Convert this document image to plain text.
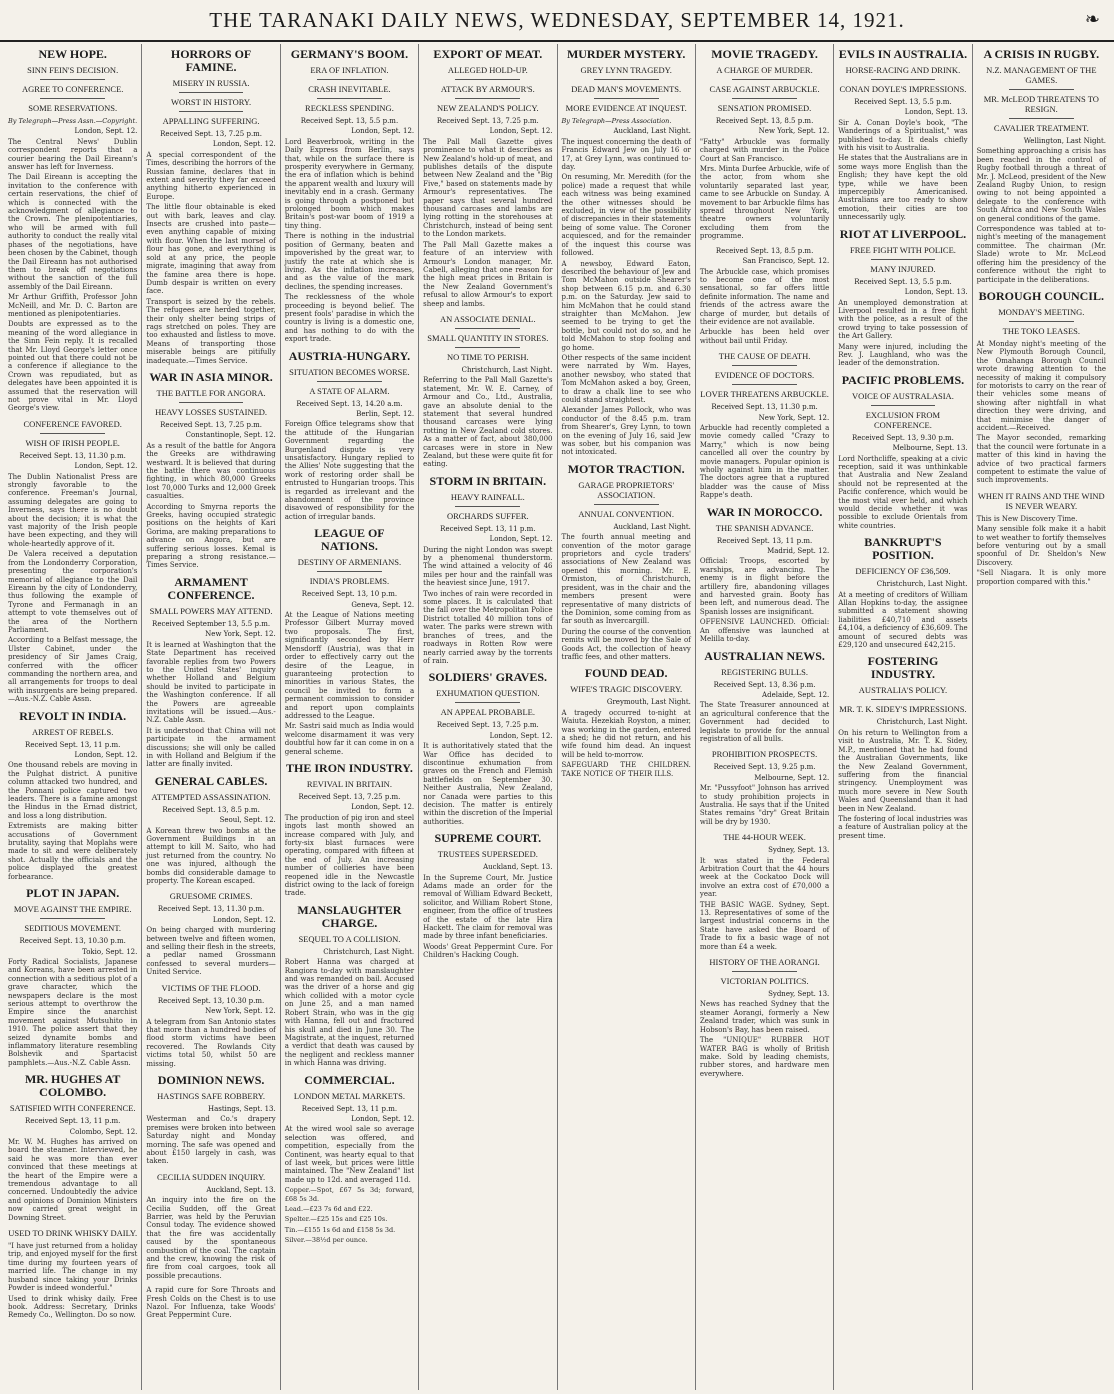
THE TARANAKI DAILY NEWS, WEDNESDAY, SEPTEMBER 14, 1921.	❧
NEW HOPE.
SINN FEIN'S DECISION.
AGREE TO CONFERENCE.
SOME RESERVATIONS.
By Telegraph—Press Assn.—Copyright.
London, Sept. 12.

The Central News' Dublin correspondent reports that a courier bearing the Dail Eireann's answer has left for Inverness.

The Dail Eireann is accepting the invitation to the conference with certain reservations, the chief of which is connected with the acknowledgment of allegiance to the Crown. The plenipotentiaries, who will be armed with full authority to conduct the really vital phases of the negotiations, have been chosen by the Cabinet, though the Dail Eireann has not authorised them to break off negotiations without the sanction of the full assembly of the Dail Eireann.

Mr Arthur Griffith, Professor John McNeill, and Mr. D. C. Barton are mentioned as plenipotentiaries.

Doubts are expressed as to the meaning of the word allegiance in the Sinn Fein reply. It is recalled that Mr. Lloyd George's letter once pointed out that there could not be a conference if allegiance to the Crown was repudiated, but as delegates have been appointed it is assumed that the reservation will not prove vital in Mr. Lloyd George's view.

CONFERENCE FAVORED.
WISH OF IRISH PEOPLE.
Received Sept. 13, 11.30 p.m.
London, Sept. 12.

The Dublin Nationalist Press are strongly favorable to the conference. Freeman's Journal, assuming delegates are going to Inverness, says there is no doubt about the decision; it is what the vast majority of the Irish people have been expecting, and they will whole-heartedly approve of it.

De Valera received a deputation from the Londonderry Corporation, presenting the corporation's memorial of allegiance to the Dail Eireann by the city of Londonderry, thus following the example of Tyrone and Fermanagh in an attempt to vote themselves out of the area of the Northern Parliament.

According to a Belfast message, the Ulster Cabinet, under the presidency of Sir James Craig, conferred with the officer commanding the northern area, and all arrangements for troops to deal with insurgents are being prepared.—Aus.-N.Z. Cable Assn.

REVOLT IN INDIA.
ARREST OF REBELS.
Received Sept. 13, 11 p.m.
London, Sept. 12.

One thousand rebels are moving in the Pulghat district. A punitive column attacked two hundred, and the Ponnani police captured two leaders. There is a famine amongst the Hindus in the Ernad district, and loss a long distribution.

Extremists are making bitter accusations of Government brutality, saying that Moplahs were made to sit and were deliberately shot. Actually the officials and the police displayed the greatest forbearance.

PLOT IN JAPAN.
MOVE AGAINST THE EMPIRE.
SEDITIOUS MOVEMENT.
Received Sept. 13, 10.30 p.m.
Tokio, Sept. 12.

Forty Radical Socialists, Japanese and Koreans, have been arrested in connection with a seditious plot of a grave character, which the newspapers declare is the most serious attempt to overthrow the Empire since the anarchist movement against Mutsuhito in 1910. The police assert that they seized dynamite bombs and inflammatory literature resembling Bolshevik and Spartacist pamphlets.—Aus.-N.Z. Cable Assn.

MR. HUGHES AT COLOMBO.
SATISFIED WITH CONFERENCE.
Received Sept. 13, 11 p.m.
Colombo, Sept. 12.

Mr. W. M. Hughes has arrived on board the steamer. Interviewed, he said he was more than ever convinced that these meetings at the heart of the Empire were a tremendous advantage to all concerned. Undoubtedly the advice and opinions of Dominion Ministers now carried great weight in Downing Street.

USED TO DRINK WHISKY DAILY.

"I have just returned from a holiday trip, and enjoyed myself for the first time during my fourteen years of married life. The change in my husband since taking your Drinks Powder is indeed wonderful."

Used to drink whisky daily. Free book. Address: Secretary, Drinks Remedy Co., Wellington. Do so now.

HORRORS OF FAMINE.
MISERY IN RUSSIA.
WORST IN HISTORY.
APPALLING SUFFERING.
Received Sept. 13, 7.25 p.m.
London, Sept. 12.

A special correspondent of the Times, describing the horrors of the Russian famine, declares that in extent and severity they far exceed anything hitherto experienced in Europe.

The little flour obtainable is eked out with bark, leaves and clay. Insects are crushed into paste—even anything capable of mixing with flour. When the last morsel of flour has gone, and everything is sold at any price, the people migrate, imagining that away from the famine area there is hope. Dumb despair is written on every face.

Transport is seized by the rebels. The refugees are herded together, their only shelter being strips of rags stretched on poles. They are too exhausted and listless to move. Means of transporting those miserable beings are pitifully inadequate.—Times Service.

WAR IN ASIA MINOR.
THE BATTLE FOR ANGORA.
HEAVY LOSSES SUSTAINED.
Received Sept. 13, 7.25 p.m.
Constantinople, Sept. 12.

As a result of the battle for Angora the Greeks are withdrawing westward. It is believed that during the battle there was continuous fighting, in which 80,000 Greeks lost 70,000 Turks and 12,000 Greek casualties.

According to Smyrna reports the Greeks, having occupied strategic positions on the heights of Kari Gorima, are making preparations to advance on Angora, but are suffering serious losses. Kemal is preparing a strong resistance.—Times Service.

ARMAMENT CONFERENCE.
SMALL POWERS MAY ATTEND.
Received September 13, 5.5 p.m.
New York, Sept. 12.

It is learned at Washington that the State Department has received favorable replies from two Powers to the United States' inquiry whether Holland and Belgium should be invited to participate in the Washington conference. If all the Powers are agreeable invitations will be issued.—Aus.-N.Z. Cable Assn.

It is understood that China will not participate in the armament discussions; she will only be called in with Holland and Belgium if the latter are finally invited.

GENERAL CABLES.
ATTEMPTED ASSASSINATION.
Received Sept. 13, 8.5 p.m.
Seoul, Sept. 12.

A Korean threw two bombs at the Government Buildings in an attempt to kill M. Saito, who had just returned from the country. No one was injured, although the bombs did considerable damage to property. The Korean escaped.

GRUESOME CRIMES.
Received Sept. 13, 11.30 p.m.
London, Sept. 12.

On being charged with murdering between twelve and fifteen women, and selling their flesh in the streets, a pedlar named Grossmann confessed to several murders—United Service.

VICTIMS OF THE FLOOD.
Received Sept. 13, 10.30 p.m.
New York, Sept. 12.

A telegram from San Antonio states that more than a hundred bodies of flood storm victims have been recovered. The Rowlands City victims total 50, whilst 50 are missing.

DOMINION NEWS.
HASTINGS SAFE ROBBERY.
Hastings, Sept. 13.

Westerman and Co.'s drapery premises were broken into between Saturday night and Monday morning. The safe was opened and about £150 largely in cash, was taken.

CECILIA SUDDEN INQUIRY.
Auckland, Sept. 13.

An inquiry into the fire on the Cecilia Sudden, off the Great Barrier, was held by the Peruvian Consul today. The evidence showed that the fire was accidentally caused by the spontaneous combustion of the coal. The captain and the crew, knowing the risk of fire from coal cargoes, took all possible precautions.

A rapid cure for Sore Throats and Fresh Colds on the Chest is to use Nazol. For Influenza, take Woods' Great Peppermint Cure.

GERMANY'S BOOM.
ERA OF INFLATION.
CRASH INEVITABLE.
RECKLESS SPENDING.
Received Sept. 13, 5.5 p.m.
London, Sept. 12.

Lord Beaverbrook, writing in the Daily Express from Berlin, says that, while on the surface there is prosperity everywhere in Germany, the era of inflation which is behind the apparent wealth and luxury will inevitably end in a crash. Germany is going through a postponed but prolonged boom which makes Britain's post-war boom of 1919 a tiny thing.

There is nothing in the industrial position of Germany, beaten and impoverished by the great war, to justify the rate at which she is living. As the inflation increases, and as the value of the mark declines, the spending increases.

The recklessness of the whole proceeding is beyond belief. The present fools' paradise in which the country is living is a domestic one, and has nothing to do with the export trade.

AUSTRIA-HUNGARY.
SITUATION BECOMES WORSE.
A STATE OF ALARM.
Received Sept. 13, 14.20 a.m.
Berlin, Sept. 12.

Foreign Office telegrams show that the attitude of the Hungarian Government regarding the Burgenland dispute is very unsatisfactory. Hungary replied to the Allies' Note suggesting that the work of restoring order shall be entrusted to Hungarian troops. This is regarded as irrelevant and the abandonment of the province disavowed of responsibility for the action of irregular bands.

LEAGUE OF NATIONS.
DESTINY OF ARMENIANS.
INDIA'S PROBLEMS.
Received Sept. 13, 10 p.m.
Geneva, Sept. 12.

At the League of Nations meeting Professor Gilbert Murray moved two proposals. The first, significantly seconded by Herr Mensdorff (Austria), was that in order to effectively carry out the desire of the League, in guaranteeing protection to minorities in various States, the council be invited to form a permanent commission to consider and report upon complaints addressed to the League.

Mr. Sastri said much as India would welcome disarmament it was very doubtful how far it can come in on a general scheme.

THE IRON INDUSTRY.
REVIVAL IN BRITAIN.
Received Sept. 13, 7.25 p.m.
London, Sept. 12.

The production of pig iron and steel ingots last month showed an increase compared with July, and forty-six blast furnaces were operating, compared with fifteen at the end of July. An increasing number of collieries have been reopened idle in the Newcastle district owing to the lack of foreign trade.

MANSLAUGHTER CHARGE.
SEQUEL TO A COLLISION.
Christchurch, Last Night.

Robert Hanna was charged at Rangiora to-day with manslaughter and was remanded on bail. Accused was the driver of a horse and gig which collided with a motor cycle on June 25, and a man named Robert Strain, who was in the gig with Hanna, fell out and fractured his skull and died in June 30. The Magistrate, at the inquest, returned a verdict that death was caused by the negligent and reckless manner in which Hanna was driving.

COMMERCIAL.
LONDON METAL MARKETS.
Received Sept. 13, 11 p.m.
London, Sept. 12.

At the wired wool sale so average selection was offered, and competition, especially from the Continent, was hearty equal to that of last week, but prices were little maintained. The "New Zealand" list made up to 12d. and averaged 11d.

Copper.—Spot, £67 5s 3d; forward, £68 5s 3d.
Lead.—£23 7s 6d and £22.
Spelter.—£25 15s and £25 10s.
Tin.—£155 1s 6d and £158 5s 3d.
Silver.—38½d per ounce.
EXPORT OF MEAT.
ALLEGED HOLD-UP.
ATTACK BY ARMOUR'S.
NEW ZEALAND'S POLICY.
Received Sept. 13, 7.25 p.m.
London, Sept. 12.

The Pall Mall Gazette gives prominence to what it describes as New Zealand's hold-up of meat, and publishes details of the dispute between New Zealand and the "Big Five," based on statements made by Armour's representatives. The paper says that several hundred thousand carcases and lambs are lying rotting in the storehouses at Christchurch, instead of being sent to the London markets.

The Pall Mall Gazette makes a feature of an interview with Armour's London manager, Mr. Cabell, alleging that one reason for the high meat prices in Britain is the New Zealand Government's refusal to allow Armour's to export sheep and lambs.

AN ASSOCIATE DENIAL.
SMALL QUANTITY IN STORES.
NO TIME TO PERISH.
Christchurch, Last Night.

Referring to the Pall Mall Gazette's statement, Mr. W. E. Carney, of Armour and Co., Ltd., Australia, gave an absolute denial to the statement that several hundred thousand carcases were lying rotting in New Zealand cold stores. As a matter of fact, about 380,000 carcases were in store in New Zealand, but these were quite fit for eating.

STORM IN BRITAIN.
HEAVY RAINFALL.
ORCHARDS SUFFER.
Received Sept. 13, 11 p.m.
London, Sept. 12.

During the night London was swept by a phenomenal thunderstorm. The wind attained a velocity of 46 miles per hour and the rainfall was the heaviest since June, 1917.

Two inches of rain were recorded in some places. It is calculated that the fall over the Metropolitan Police District totalled 40 million tons of water. The parks were strewn with branches of trees, and the roadways in Rotten Row were nearly carried away by the torrents of rain.

SOLDIERS' GRAVES.
EXHUMATION QUESTION.
AN APPEAL PROBABLE.
Received Sept. 13, 7.25 p.m.
London, Sept. 12.

It is authoritatively stated that the War Office has decided to discontinue exhumation from graves on the French and Flemish battlefields on September 30. Neither Australia, New Zealand, nor Canada were parties to this decision. The matter is entirely within the discretion of the Imperial authorities.

SUPREME COURT.
TRUSTEES SUPERSEDED.
Auckland, Sept. 13.

In the Supreme Court, Mr. Justice Adams made an order for the removal of William Edward Beckett, solicitor, and William Robert Stone, engineer, from the office of trustees of the estate of the late Hira Hackett. The claim for removal was made by three infant beneficiaries.

Woods' Great Peppermint Cure. For Children's Hacking Cough.

MURDER MYSTERY.
GREY LYNN TRAGEDY.
DEAD MAN'S MOVEMENTS.
MORE EVIDENCE AT INQUEST.
By Telegraph—Press Association.
Auckland, Last Night.

The inquest concerning the death of Francis Edward Jew on July 16 or 17, at Grey Lynn, was continued to-day.

On resuming, Mr. Meredith (for the police) made a request that while each witness was being examined the other witnesses should be excluded, in view of the possibility of discrepancies in their statements being of some value. The Coroner acquiesced, and for the remainder of the inquest this course was followed.

A newsboy, Edward Eaton, described the behaviour of Jew and Tom McMahon outside Shearer's shop between 6.15 p.m. and 6.30 p.m. on the Saturday. Jew said to him McMahon that he could stand straighter than McMahon. Jew seemed to be trying to get the bottle, but could not do so, and he told McMahon to stop fooling and go home.

Other respects of the same incident were narrated by Wm. Hayes, another newsboy, who stated that Tom McMahon asked a boy, Green, to draw a chalk line to see who could stand straightest.

Alexander James Pollock, who was conductor of the 8.45 p.m. tram from Shearer's, Grey Lynn, to town on the evening of July 16, said Jew was sober, but his companion was not intoxicated.

MOTOR TRACTION.
GARAGE PROPRIETORS' ASSOCIATION.
ANNUAL CONVENTION.
Auckland, Last Night.

The fourth annual meeting and convention of the motor garage proprietors and cycle traders' associations of New Zealand was opened this morning. Mr. E. Ormiston, of Christchurch, president, was in the chair and the members present were representative of many districts of the Dominion, some coming from as far south as Invercargill.

During the course of the convention remits will be moved by the Sale of Goods Act, the collection of heavy traffic fees, and other matters.

FOUND DEAD.
WIFE'S TRAGIC DISCOVERY.
Greymouth, Last Night.

A tragedy occurred to-night at Waiuta. Hezekiah Royston, a miner, was working in the garden, entered a shed; he did not return, and his wife found him dead. An inquest will be held to-morrow.

SAFEGUARD THE CHILDREN. TAKE NOTICE OF THEIR ILLS.

MOVIE TRAGEDY.
A CHARGE OF MURDER.
CASE AGAINST ARBUCKLE.
SENSATION PROMISED.
Received Sept. 13, 8.5 p.m.
New York, Sept. 12.

"Fatty" Arbuckle was formally charged with murder in the Police Court at San Francisco.

Mrs. Minta Durfee Arbuckle, wife of the actor, from whom she voluntarily separated last year, came to see Arbuckle on Sunday. A movement to bar Arbuckle films has spread throughout New York, theatre owners voluntarily excluding them from the programme.

Received Sept. 13, 8.5 p.m.
San Francisco, Sept. 12.

The Arbuckle case, which promises to become one of the most sensational, so far offers little definite information. The name and friends of the actress aware the charge of murder, but details of their evidence are not available.

Arbuckle has been held over without bail until Friday.

THE CAUSE OF DEATH.
EVIDENCE OF DOCTORS.
LOVER THREATENS ARBUCKLE.
Received Sept. 13, 11.30 p.m.
New York, Sept. 12.

Arbuckle had recently completed a movie comedy called "Crazy to Marry," which is now being cancelled all over the country by movie managers. Popular opinion is wholly against him in the matter. The doctors agree that a ruptured bladder was the cause of Miss Rappe's death.

WAR IN MOROCCO.
THE SPANISH ADVANCE.
Received Sept. 13, 11 p.m.
Madrid, Sept. 12.

Official: Troops, escorted by warships, are advancing. The enemy is in flight before the artillery fire, abandoning villages and harvested grain. Booty has been left, and numerous dead. The Spanish losses are insignificant.

OFFENSIVE LAUNCHED. Official: An offensive was launched at Melilla to-day.

AUSTRALIAN NEWS.
REGISTERING BULLS.
Received Sept. 13, 8.36 p.m.
Adelaide, Sept. 12.

The State Treasurer announced at an agricultural conference that the Government had decided to legislate to provide for the annual registration of all bulls.

PROHIBITION PROSPECTS.
Received Sept. 13, 9.25 p.m.
Melbourne, Sept. 12.

Mr. "Pussyfoot" Johnson has arrived to study prohibition projects in Australia. He says that if the United States remains "dry" Great Britain will be dry by 1930.

THE 44-HOUR WEEK.
Sydney, Sept. 13.

It was stated in the Federal Arbitration Court that the 44 hours week at the Cockatoo Dock will involve an extra cost of £70,000 a year.

THE BASIC WAGE. Sydney, Sept. 13. Representatives of some of the largest industrial concerns in the State have asked the Board of Trade to fix a basic wage of not more than £4 a week.

HISTORY OF THE AORANGI.
VICTORIAN POLITICS.
Sydney, Sept. 13.

News has reached Sydney that the steamer Aorangi, formerly a New Zealand trader, which was sunk in Hobson's Bay, has been raised.

The "UNIQUE" RUBBER HOT WATER BAG is wholly of British make. Sold by leading chemists, rubber stores, and hardware men everywhere.

EVILS IN AUSTRALIA.
HORSE-RACING AND DRINK.
CONAN DOYLE'S IMPRESSIONS.
Received Sept. 13, 5.5 p.m.
London, Sept. 13.

Sir A. Conan Doyle's book, "The Wanderings of a Spiritualist," was published to-day. It deals chiefly with his visit to Australia.

He states that the Australians are in some ways more English than the English; they have kept the old type, while we have been impercepibly Americanised. Australians are too ready to show emotion, their cities are too unnecessarily ugly.

RIOT AT LIVERPOOL.
FREE FIGHT WITH POLICE.
MANY INJURED.
Received Sept. 13, 5.5 p.m.
London, Sept. 13.

An unemployed demonstration at Liverpool resulted in a free fight with the police, as a result of the crowd trying to take possession of the Art Gallery.

Many were injured, including the Rev. J. Laughland, who was the leader of the demonstration.

PACIFIC PROBLEMS.
VOICE OF AUSTRALASIA.
EXCLUSION FROM CONFERENCE.
Received Sept. 13, 9.30 p.m.
Melbourne, Sept. 13.

Lord Northcliffe, speaking at a civic reception, said it was unthinkable that Australia and New Zealand should not be represented at the Pacific conference, which would be the most vital ever held, and which would decide whether it was possible to exclude Orientals from white countries.

BANKRUPT'S POSITION.
DEFICIENCY OF £36,509.
Christchurch, Last Night.

At a meeting of creditors of William Allan Hopkins to-day, the assignee submitted a statement showing liabilities £40,710 and assets £4,104, a deficiency of £36,609. The amount of secured debts was £29,120 and unsecured £42,215.

FOSTERING INDUSTRY.
AUSTRALIA'S POLICY.
MR. T. K. SIDEY'S IMPRESSIONS.
Christchurch, Last Night.

On his return to Wellington from a visit to Australia, Mr. T. K. Sidey, M.P., mentioned that he had found the Australian Governments, like the New Zealand Government, suffering from the financial stringency. Unemployment was much more severe in New South Wales and Queensland than it had been in New Zealand.

The fostering of local industries was a feature of Australian policy at the present time.

A CRISIS IN RUGBY.
N.Z. MANAGEMENT OF THE GAMES.
MR. McLEOD THREATENS TO RESIGN.
CAVALIER TREATMENT.
Wellington, Last Night.

Something approaching a crisis has been reached in the control of Rugby football through a threat of Mr. J. McLeod, president of the New Zealand Rugby Union, to resign owing to not being appointed a delegate to the conference with South Africa and New South Wales on general conditions of the game.

Correspondence was tabled at to-night's meeting of the management committee. The chairman (Mr. Slade) wrote to Mr. McLeod offering him the presidency of the conference without the right to participate in the deliberations.

BOROUGH COUNCIL.
MONDAY'S MEETING.
THE TOKO LEASES.

At Monday night's meeting of the New Plymouth Borough Council, the Omahanga Borough Council wrote drawing attention to the necessity of making it compulsory for motorists to carry on the rear of their vehicles some means of showing after nightfall in what direction they were driving, and that minimise the danger of accident.—Received.

The Mayor seconded, remarking that the council were fortunate in a matter of this kind in having the advice of two practical farmers competent to estimate the value of such improvements.

WHEN IT RAINS AND THE WIND IS NEVER WEARY.

This is New Discovery Time.

Many sensible folk make it a habit to wet weather to fortify themselves before venturing out by a small spoonful of Dr. Sheldon's New Discovery.

"Sell Niagara. It is only more proportion compared with this."
